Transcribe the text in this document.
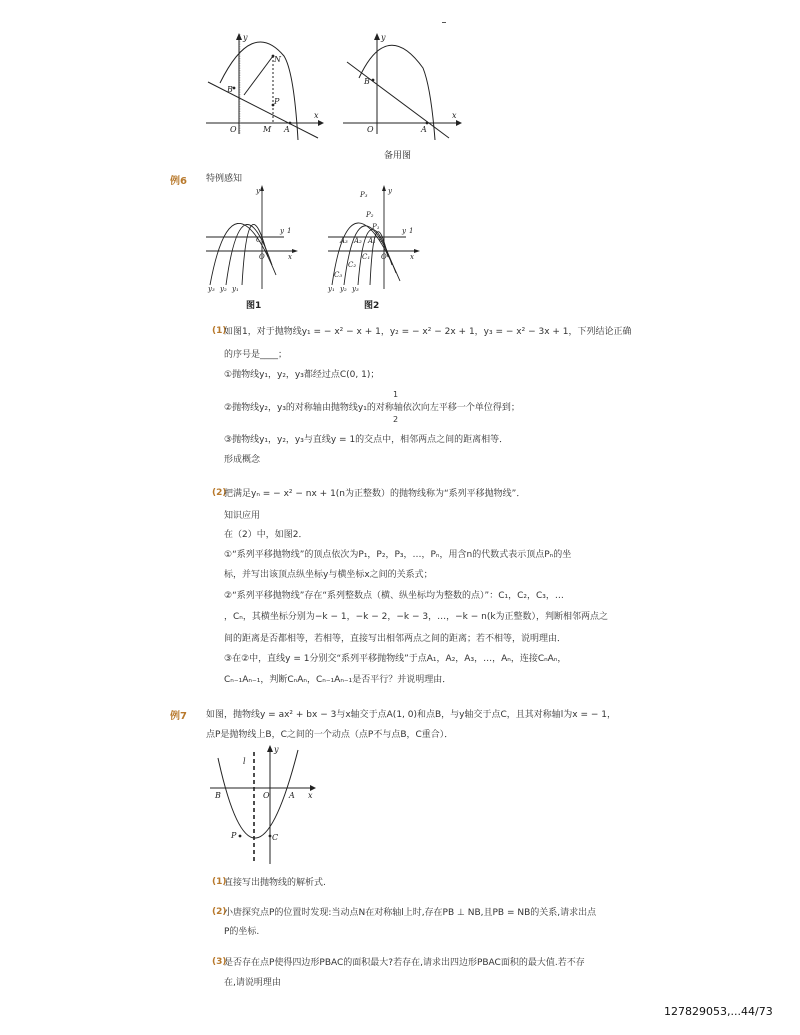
y
x
O	M A
B
N
P
y
x
O	A
B
备用图
例6 特例感知
y
x
O
C
y 1
y₃ y₂ y₁
图1
y
x
O
C
y 1
P₃
P₂
P₁
A₃ A₂ A₁
C₁
C₂
C₃
y₁ y₂ y₃
图2
(1)
如图1，对于抛物线y₁ = − x² − x + 1，y₂ = − x² − 2x + 1，y₃ = − x² − 3x + 1，下列结论正确
的序号是____；
①抛物线y₁，y₂，y₃都经过点C(0, 1)；
1
②抛物线y₂，y₃的对称轴由抛物线y₁的对称轴依次向左平移一个单位得到；
2
③抛物线y₁，y₂，y₃与直线y = 1的交点中，相邻两点之间的距离相等．
形成概念
(2)
把满足yₙ = − x² − nx + 1(n为正整数）的抛物线称为“系列平移抛物线”．
知识应用
在（2）中，如图2．
①“系列平移抛物线”的顶点依次为P₁，P₂，P₃，…，Pₙ，用含n的代数式表示顶点Pₙ的坐
标，并写出该顶点纵坐标y与横坐标x之间的关系式；
②“系列平移抛物线”存在“系列整数点（横、纵坐标均为整数的点）”：C₁，C₂，C₃，…
，Cₙ，其横坐标分别为−k − 1，−k − 2，−k − 3，…，−k − n(k为正整数），判断相邻两点之
间的距离是否都相等，若相等，直接写出相邻两点之间的距离；若不相等，说明理由．
③在②中，直线y = 1分别交“系列平移抛物线”于点A₁，A₂，A₃，…，Aₙ，连接CₙAₙ，
Cₙ₋₁Aₙ₋₁，判断CₙAₙ，Cₙ₋₁Aₙ₋₁是否平行？并说明理由．
例7 如图，抛物线y = ax² + bx − 3与x轴交于点A(1, 0)和点B，与y轴交于点C，且其对称轴l为x = − 1，
点P是抛物线上B，C之间的一个动点（点P不与点B，C重合）．
y
x
O A
B
C
P
l
(1)
直接写出抛物线的解析式.
(2)
小唐探究点P的位置时发现:当动点N在对称轴l上时,存在PB ⊥ NB,且PB = NB的关系,请求出点
P的坐标.
(3)
是否存在点P使得四边形PBAC的面积最大?若存在,请求出四边形PBAC面积的最大值.若不存
在,请说明理由
127829053,... 44/73
